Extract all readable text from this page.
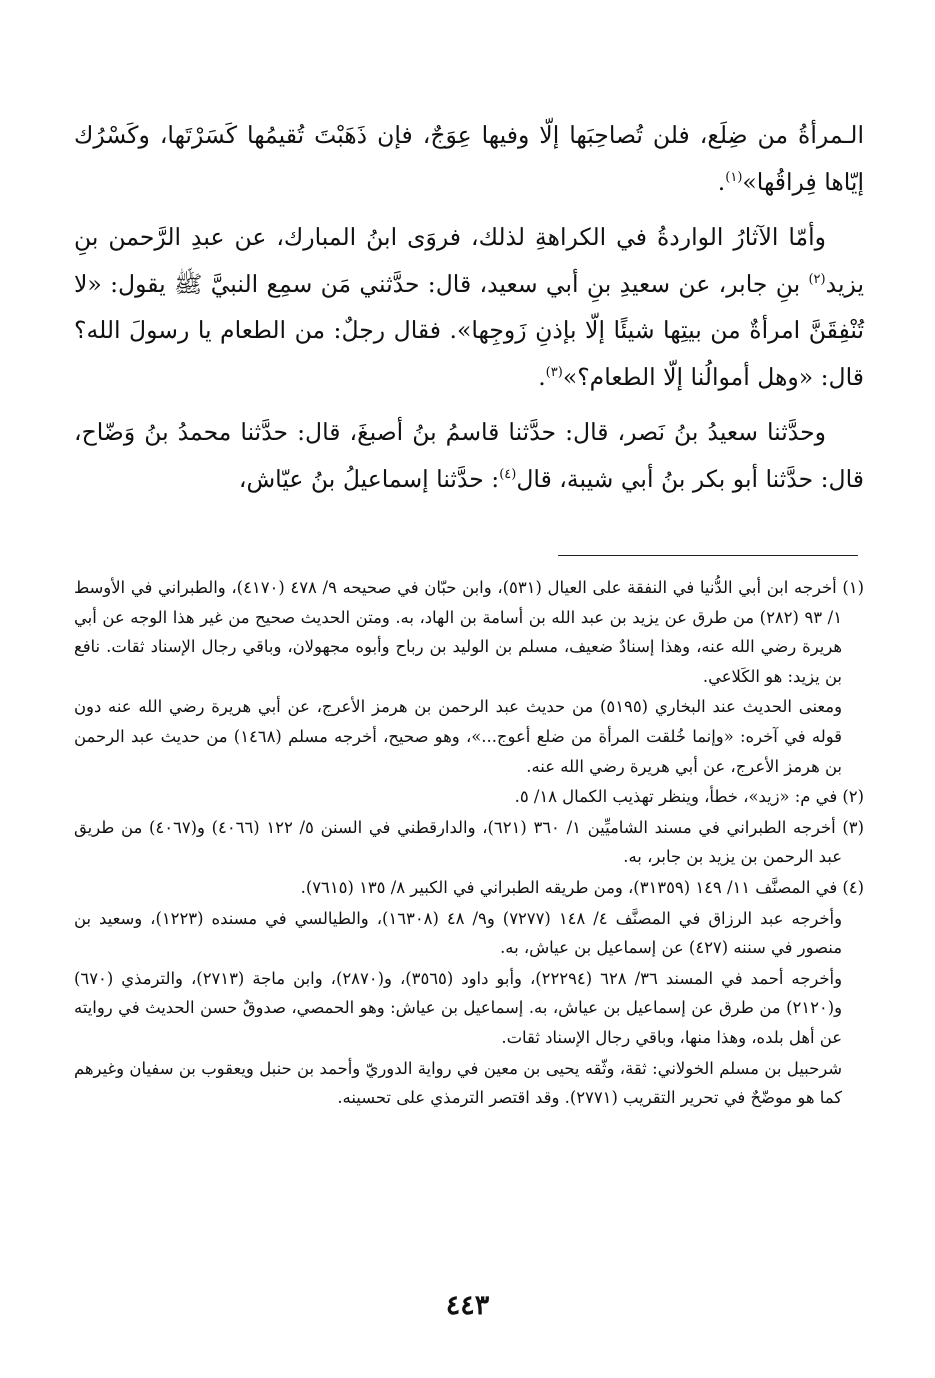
الـمرأةُ من ضِلَع، فلن تُصاحِبَها إلّا وفيها عِوَجٌ، فإن ذَهَبْتَ تُقيمُها كَسَرْتَها، وكَسْرُك إيّاها فِراقُها»$^{(١)}$.

وأمّا الآثارُ الواردةُ في الكراهةِ لذلك، فروَى ابنُ المبارك، عن عبدِ الرَّحمن بنِ يزيد$^{(٢)}$ بنِ جابر، عن سعيدِ بنِ أبي سعيد، قال: حدَّثني مَن سمِع النبيَّ ﷺ يقول: «لا تُنْفِقَنَّ امرأةٌ من بيتِها شيئًا إلّا بإذنِ زَوجِها». فقال رجلٌ: من الطعام يا رسولَ الله؟ قال: «وهل أموالُنا إلّا الطعام؟»$^{(٣)}$.

وحدَّثنا سعيدُ بنُ نَصر، قال: حدَّثنا قاسمُ بنُ أصبغَ، قال: حدَّثنا محمدُ بنُ وَضّاح، قال: حدَّثنا أبو بكر بنُ أبي شيبة، قال$^{(٤)}$: حدَّثنا إسماعيلُ بنُ عيّاش،

(١) أخرجه ابن أبي الدُّنيا في النفقة على العيال (٥٣١)، وابن حبّان في صحيحه ٩/ ٤٧٨ (٤١٧٠)، والطبراني في الأوسط ١/ ٩٣ (٢٨٢) من طرق عن يزيد بن عبد الله بن أسامة بن الهاد، به. ومتن الحديث صحيح من غير هذا الوجه عن أبي هريرة رضي الله عنه، وهذا إسنادٌ ضعيف، مسلم بن الوليد بن رباح وأبوه مجهولان، وباقي رجال الإسناد ثقات. نافع بن يزيد: هو الكَلاعي.

ومعنى الحديث عند البخاري (٥١٩٥) من حديث عبد الرحمن بن هرمز الأعرج، عن أبي هريرة رضي الله عنه دون قوله في آخره: «وإنما خُلقت المرأة من ضلع أعوج...»، وهو صحيح، أخرجه مسلم (١٤٦٨) من حديث عبد الرحمن بن هرمز الأعرج، عن أبي هريرة رضي الله عنه.

(٢) في م: «زيد»، خطأ، وينظر تهذيب الكمال ١٨/ ٥.

(٣) أخرجه الطبراني في مسند الشاميِّين ١/ ٣٦٠ (٦٢١)، والدارقطني في السنن ٥/ ١٢٢ (٤٠٦٦) و(٤٠٦٧) من طريق عبد الرحمن بن يزيد بن جابر، به.

(٤) في المصنَّف ١١/ ١٤٩ (٣١٣٥٩)، ومن طريقه الطبراني في الكبير ٨/ ١٣٥ (٧٦١٥).

وأخرجه عبد الرزاق في المصنَّف ٤/ ١٤٨ (٧٢٧٧) و٩/ ٤٨ (١٦٣٠٨)، والطيالسي في مسنده (١٢٢٣)، وسعيد بن منصور في سننه (٤٢٧) عن إسماعيل بن عياش، به.

وأخرجه أحمد في المسند ٣٦/ ٦٢٨ (٢٢٢٩٤)، وأبو داود (٣٥٦٥)، و(٢٨٧٠)، وابن ماجة (٢٧١٣)، والترمذي (٦٧٠) و(٢١٢٠) من طرق عن إسماعيل بن عياش، به. إسماعيل بن عياش: وهو الحمصي، صدوقٌ حسن الحديث في روايته عن أهل بلده، وهذا منها، وباقي رجال الإسناد ثقات.

شرحبيل بن مسلم الخولاني: ثقة، وثّقه يحيى بن معين في رواية الدوريّ وأحمد بن حنبل ويعقوب بن سفيان وغيرهم كما هو موضّحٌ في تحرير التقريب (٢٧٧١). وقد اقتصر الترمذي على تحسينه.

٤٤٣
